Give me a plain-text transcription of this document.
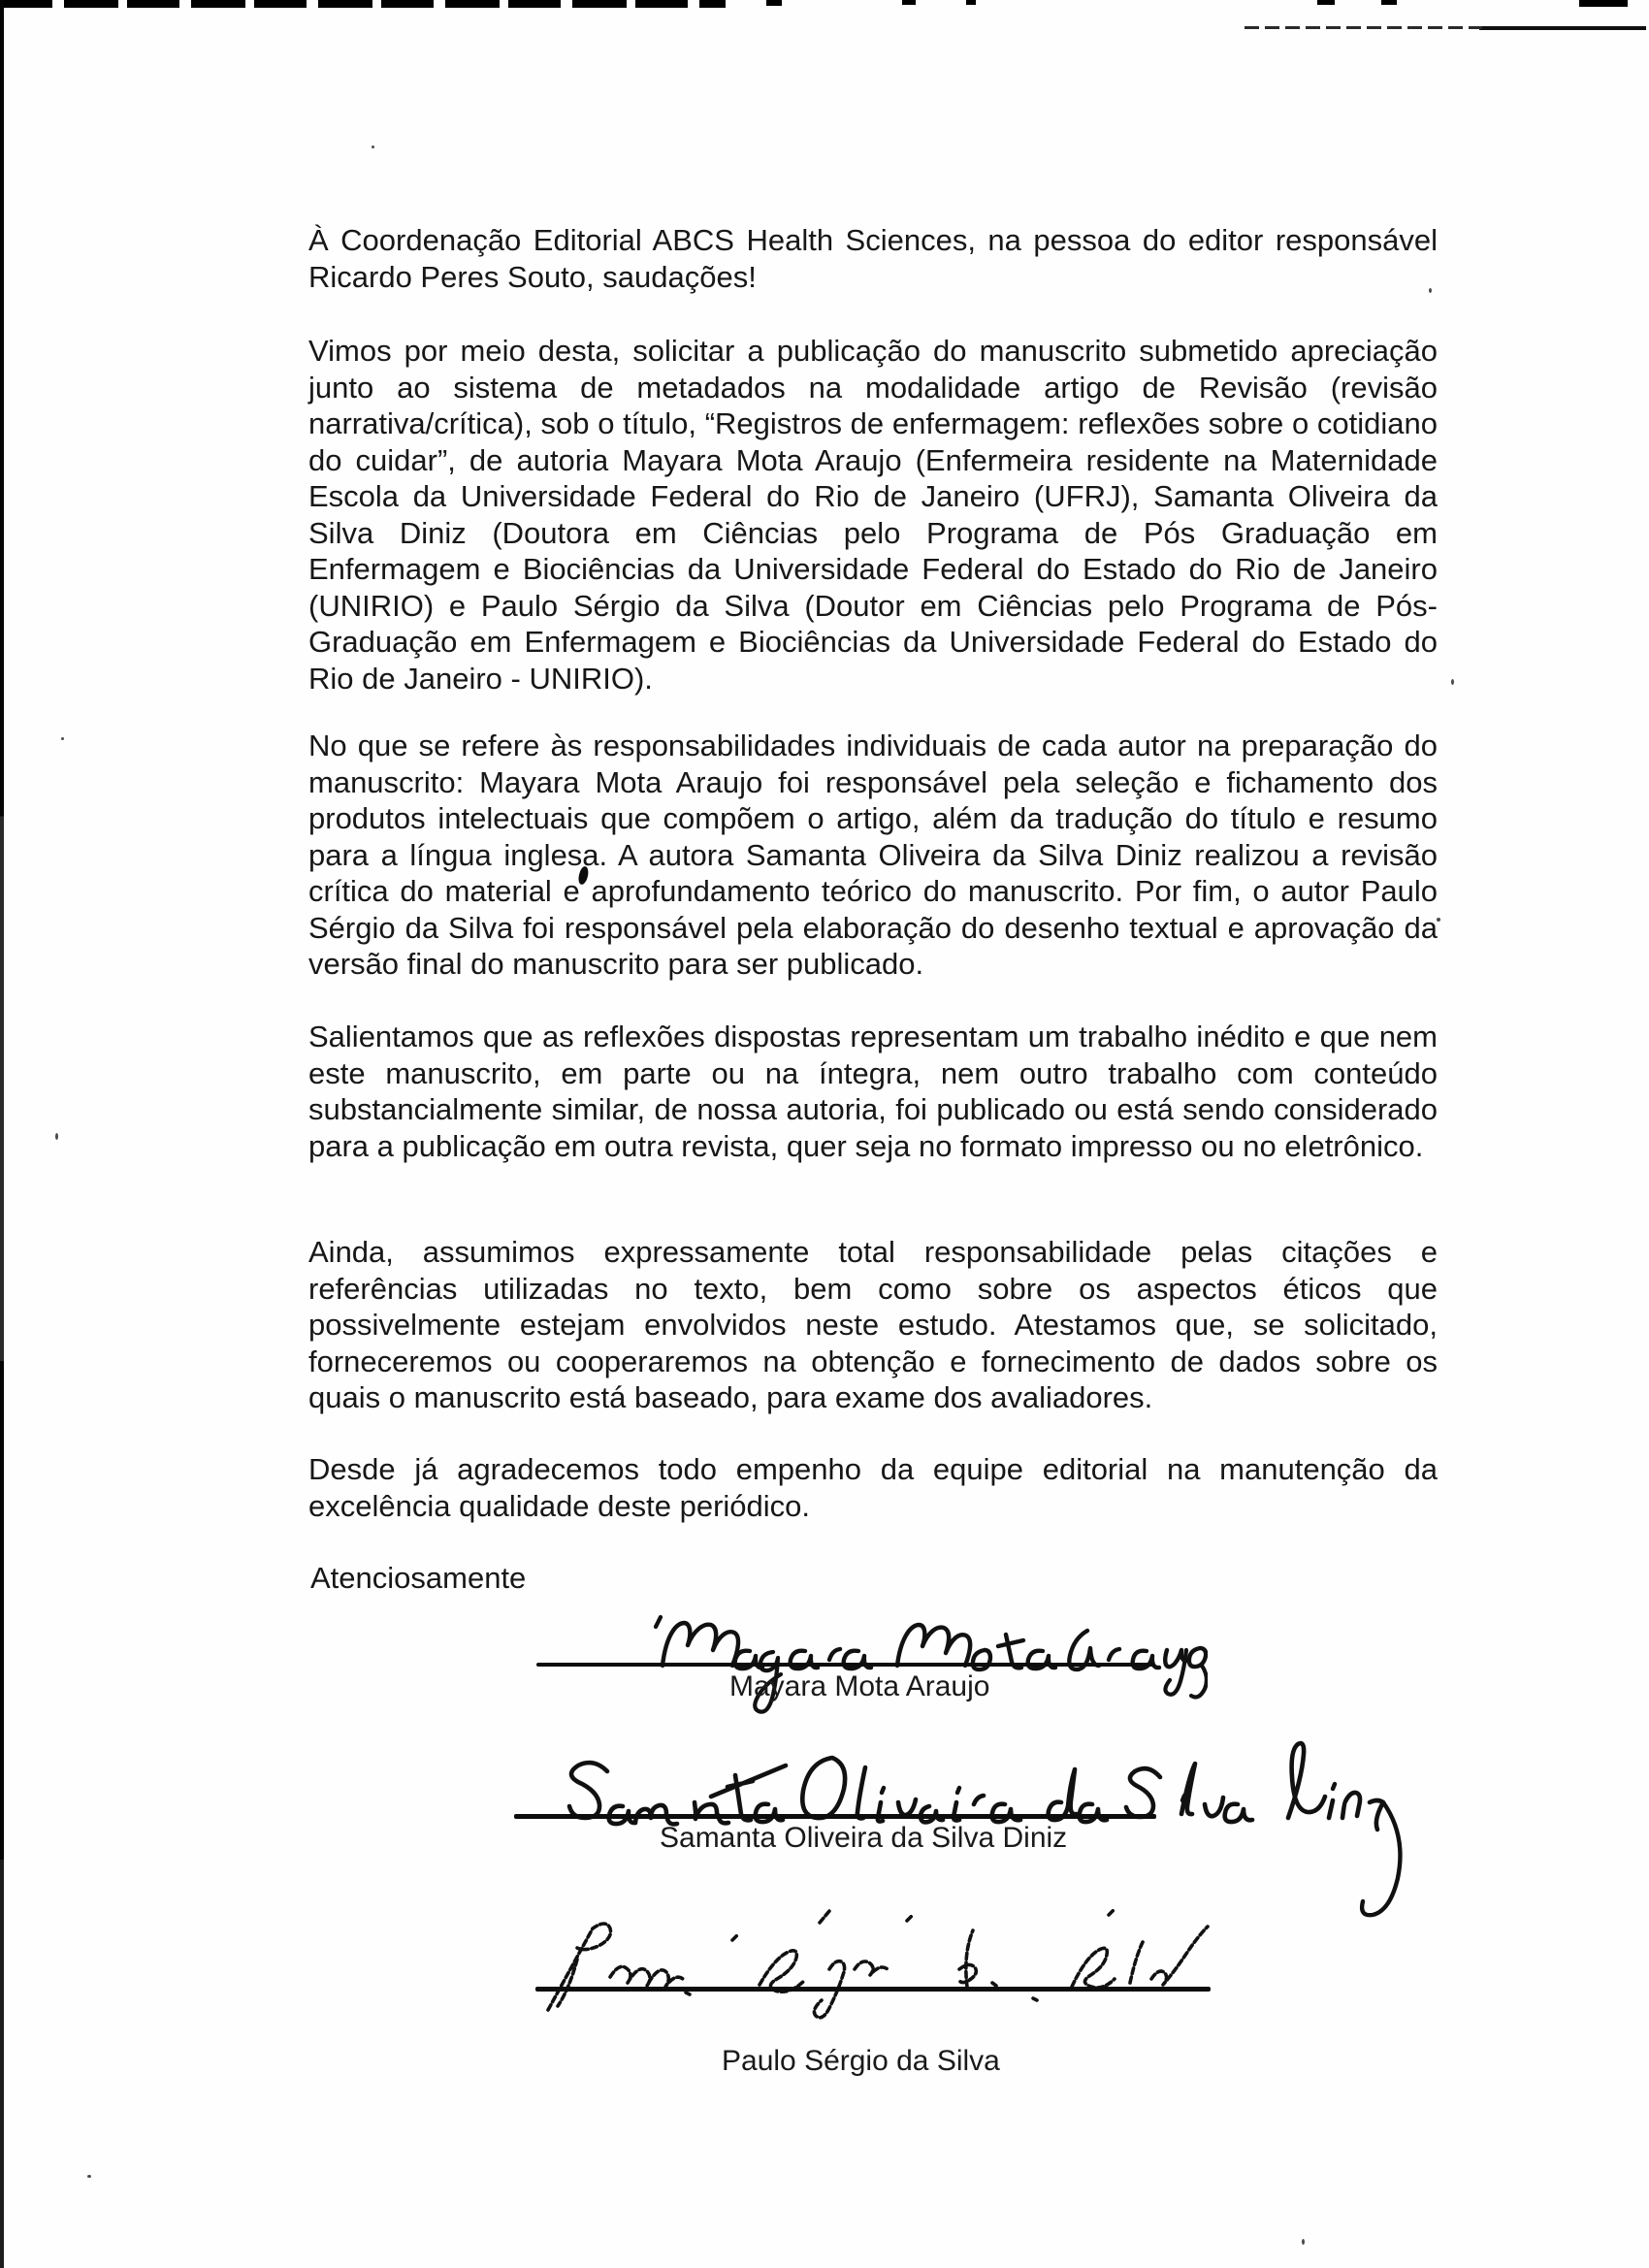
À Coordenação Editorial ABCS Health Sciences, na pessoa do editor responsável Ricardo Peres Souto, saudações!

Vimos por meio desta, solicitar a publicação do manuscrito submetido apreciação junto ao sistema de metadados na modalidade artigo de Revisão (revisão narrativa/crítica), sob o título, “Registros de enfermagem: reflexões sobre o cotidiano do cuidar”, de autoria Mayara Mota Araujo (Enfermeira residente na Maternidade Escola da Universidade Federal do Rio de Janeiro (UFRJ), Samanta Oliveira da Silva Diniz (Doutora em Ciências pelo Programa de Pós Graduação em Enfermagem e Biociências da Universidade Federal do Estado do Rio de Janeiro (UNIRIO) e Paulo Sérgio da Silva (Doutor em Ciências pelo Programa de Pós-Graduação em Enfermagem e Biociências da Universidade Federal do Estado do Rio de Janeiro - UNIRIO).

No que se refere às responsabilidades individuais de cada autor na preparação do manuscrito: Mayara Mota Araujo foi responsável pela seleção e fichamento dos produtos intelectuais que compõem o artigo, além da tradução do título e resumo para a língua inglesa. A autora Samanta Oliveira da Silva Diniz realizou a revisão crítica do material e aprofundamento teórico do manuscrito. Por fim, o autor Paulo Sérgio da Silva foi responsável pela elaboração do desenho textual e aprovação da versão final do manuscrito para ser publicado.

Salientamos que as reflexões dispostas representam um trabalho inédito e que nem este manuscrito, em parte ou na íntegra, nem outro trabalho com conteúdo substancialmente similar, de nossa autoria, foi publicado ou está sendo considerado para a publicação em outra revista, quer seja no formato impresso ou no eletrônico.

Ainda, assumimos expressamente total responsabilidade pelas citações e referências utilizadas no texto, bem como sobre os aspectos éticos que possivelmente estejam envolvidos neste estudo. Atestamos que, se solicitado, forneceremos ou cooperaremos na obtenção e fornecimento de dados sobre os quais o manuscrito está baseado, para exame dos avaliadores.

Desde já agradecemos todo empenho da equipe editorial na manutenção da excelência qualidade deste periódico.

Atenciosamente

Mayara Mota Araujo
Samanta Oliveira da Silva Diniz
Paulo Sérgio da Silva
